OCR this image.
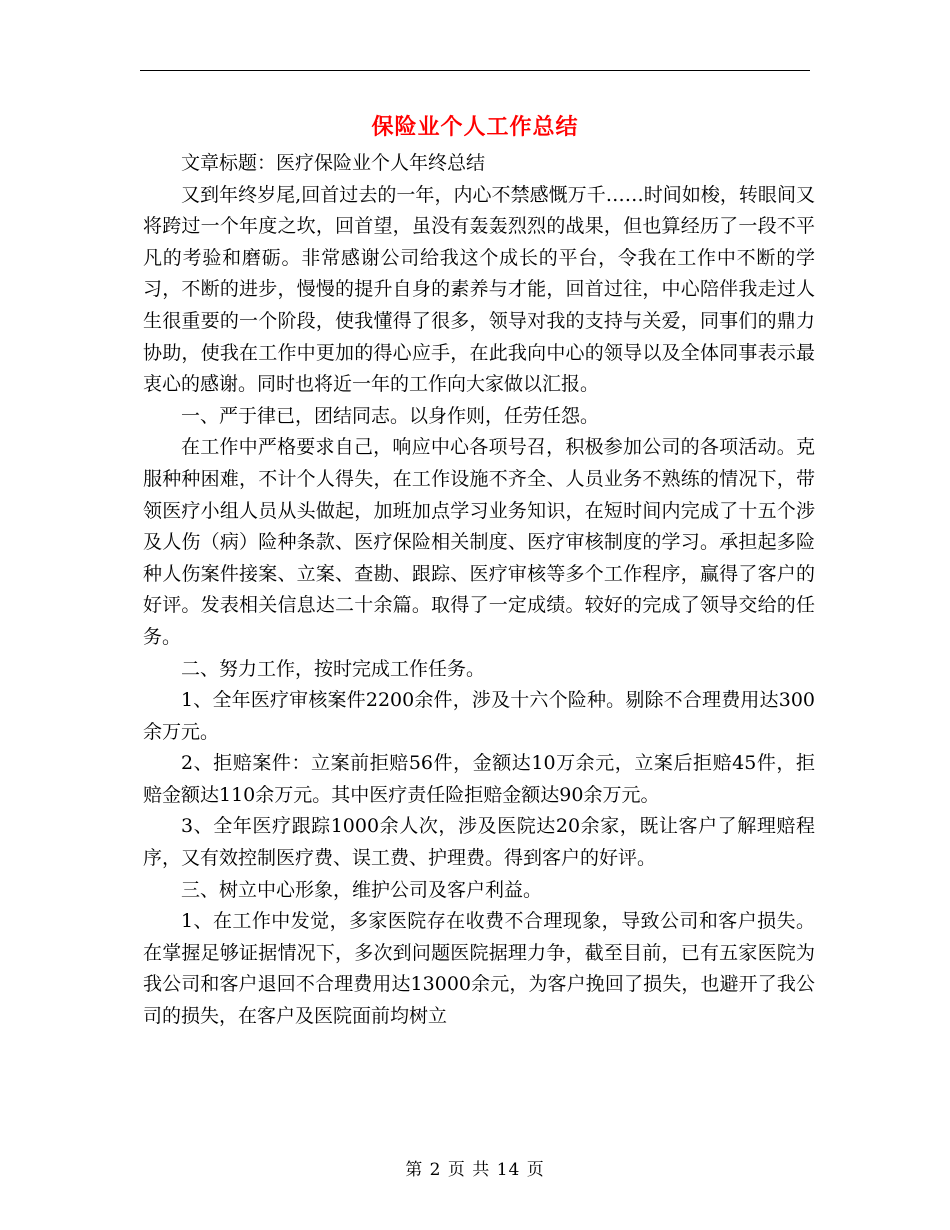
保险业个人工作总结

文章标题：医疗保险业个人年终总结

又到年终岁尾,回首过去的一年，内心不禁感慨万千……时间如梭，转眼间又将跨过一个年度之坎，回首望，虽没有轰轰烈烈的战果，但也算经历了一段不平凡的考验和磨砺。非常感谢公司给我这个成长的平台，令我在工作中不断的学习，不断的进步，慢慢的提升自身的素养与才能，回首过往，中心陪伴我走过人生很重要的一个阶段，使我懂得了很多，领导对我的支持与关爱，同事们的鼎力协助，使我在工作中更加的得心应手，在此我向中心的领导以及全体同事表示最衷心的感谢。同时也将近一年的工作向大家做以汇报。

一、严于律已，团结同志。以身作则，任劳任怨。

在工作中严格要求自己，响应中心各项号召，积极参加公司的各项活动。克服种种困难，不计个人得失，在工作设施不齐全、人员业务不熟练的情况下，带领医疗小组人员从头做起，加班加点学习业务知识，在短时间内完成了十五个涉及人伤（病）险种条款、医疗保险相关制度、医疗审核制度的学习。承担起多险种人伤案件接案、立案、查勘、跟踪、医疗审核等多个工作程序，赢得了客户的好评。发表相关信息达二十余篇。取得了一定成绩。较好的完成了领导交给的任务。

二、努力工作，按时完成工作任务。

1、全年医疗审核案件2200余件，涉及十六个险种。剔除不合理费用达300余万元。

2、拒赔案件：立案前拒赔56件，金额达10万余元，立案后拒赔45件，拒赔金额达110余万元。其中医疗责任险拒赔金额达90余万元。

3、全年医疗跟踪1000余人次，涉及医院达20余家，既让客户了解理赔程序，又有效控制医疗费、误工费、护理费。得到客户的好评。

三、树立中心形象，维护公司及客户利益。

1、在工作中发觉，多家医院存在收费不合理现象，导致公司和客户损失。在掌握足够证据情况下，多次到问题医院据理力争，截至目前，已有五家医院为我公司和客户退回不合理费用达13000余元，为客户挽回了损失，也避开了我公司的损失，在客户及医院面前均树立

第 2 页 共 14 页
